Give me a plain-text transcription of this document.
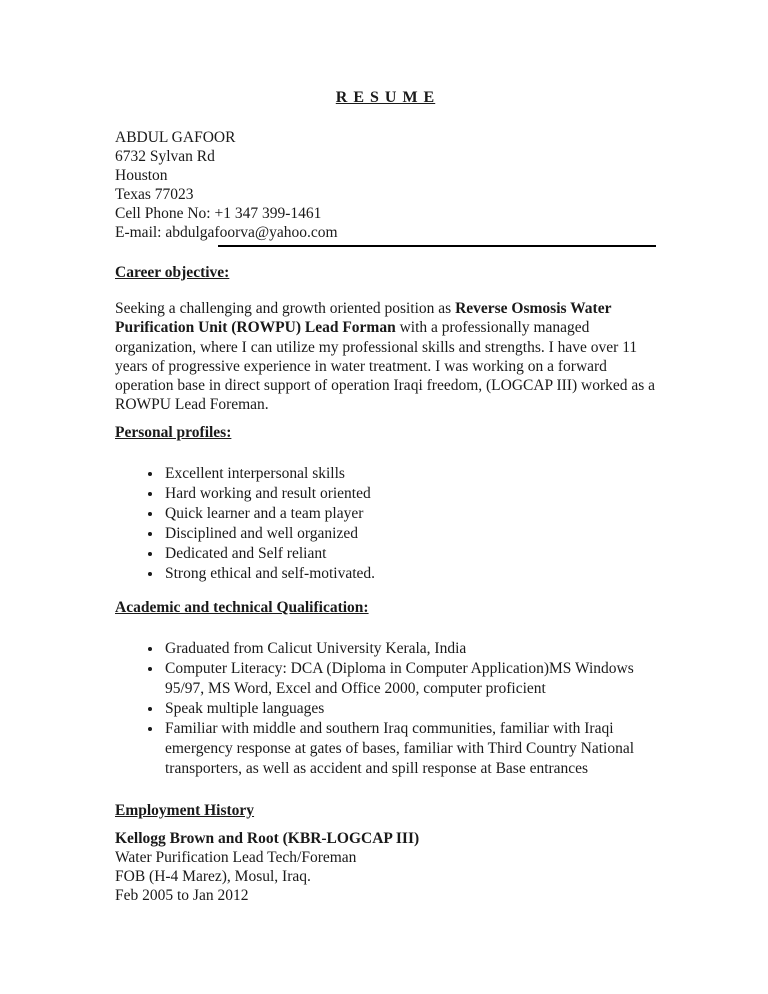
R E S U M E
ABDUL GAFOOR
6732 Sylvan Rd
Houston
Texas 77023
Cell Phone No: +1 347 399-1461
E-mail: abdulgafoorva@yahoo.com
Career objective:

Seeking a challenging and growth oriented position as Reverse Osmosis Water Purification Unit (ROWPU) Lead Forman with a professionally managed organization, where I can utilize my professional skills and strengths. I have over 11 years of progressive experience in water treatment. I was working on a forward operation base in direct support of operation Iraqi freedom, (LOGCAP III) worked as a ROWPU Lead Foreman.

Personal profiles:
• Excellent interpersonal skills
• Hard working and result oriented
• Quick learner and a team player
• Disciplined and well organized
• Dedicated and Self reliant
• Strong ethical and self-motivated.
Academic and technical Qualification:
• Graduated from Calicut University Kerala, India
• Computer Literacy: DCA (Diploma in Computer Application)MS Windows 95/97, MS Word, Excel and Office 2000, computer proficient
• Speak multiple languages
• Familiar with middle and southern Iraq communities, familiar with Iraqi emergency response at gates of bases, familiar with Third Country National transporters, as well as accident and spill response at Base entrances
Employment History
Kellogg Brown and Root (KBR-LOGCAP III)
Water Purification Lead Tech/Foreman
FOB (H-4 Marez), Mosul, Iraq.
Feb 2005 to Jan 2012
